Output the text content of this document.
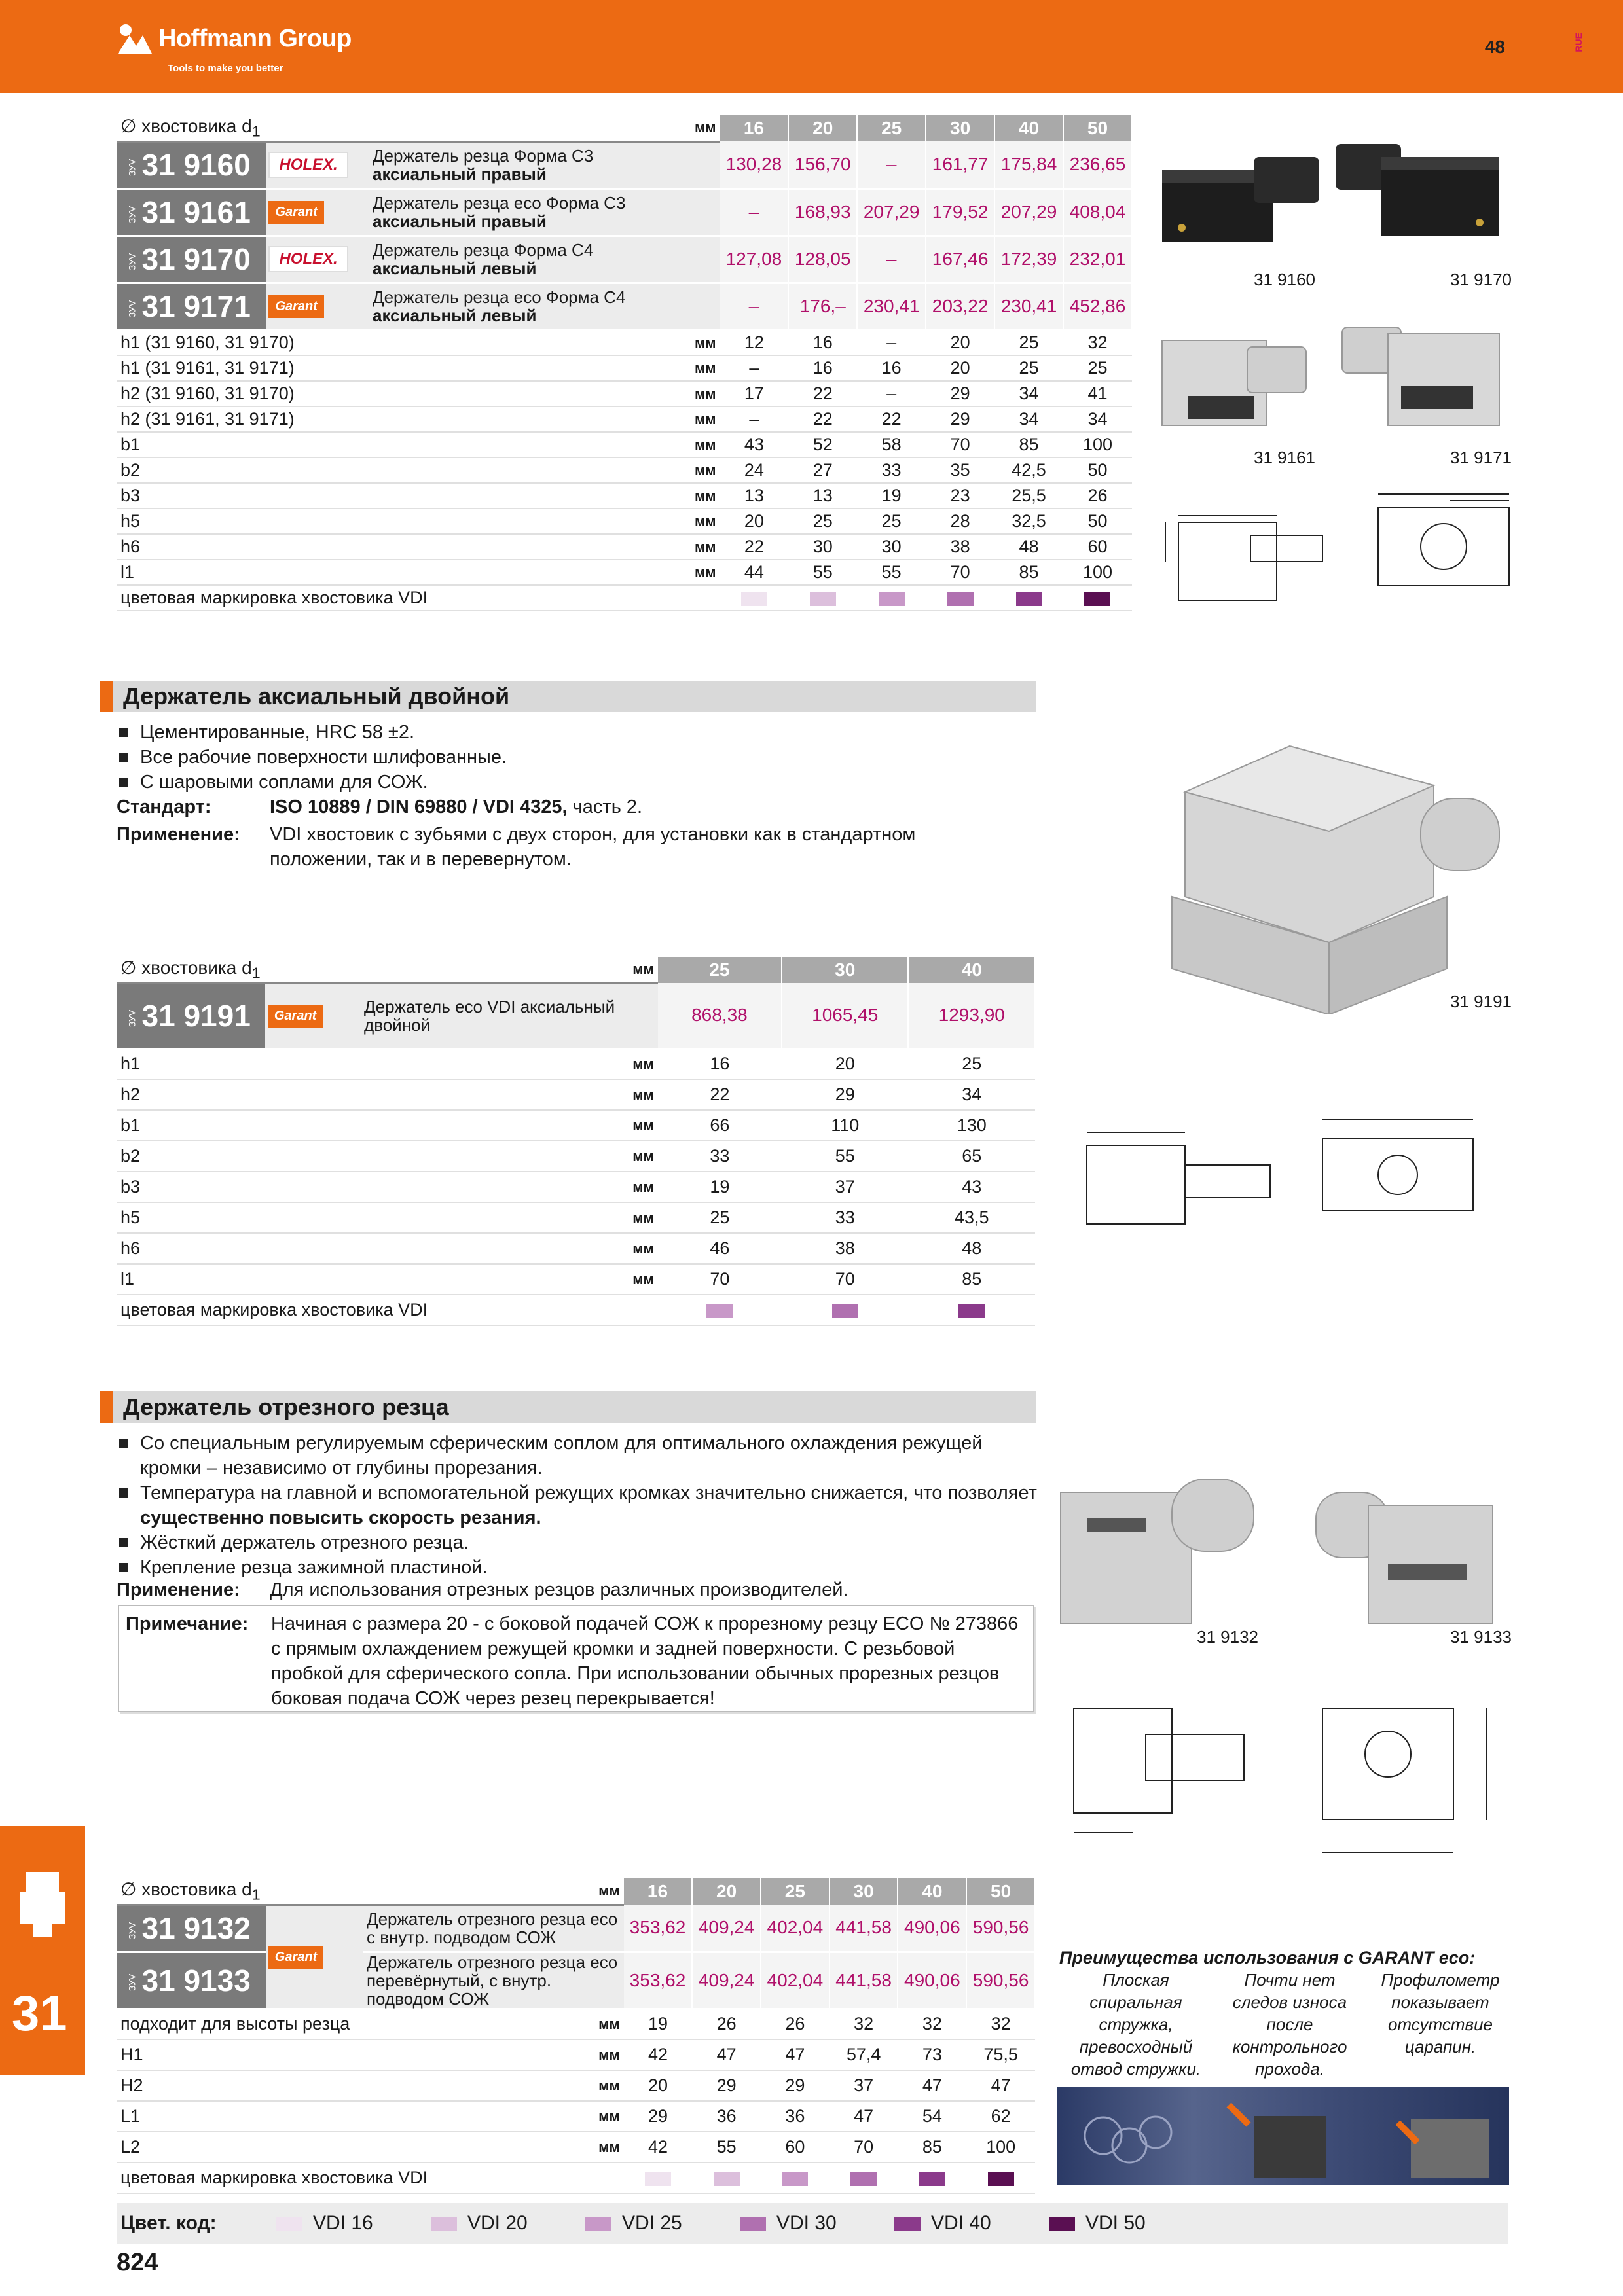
Hoffmann Group
Tools to make you better
48	RUE
∅ хвостовика $d_1$			мм	16	20	25	30	40	50
ЗУV 31 9160	HOLEX.	Держатель резца Форма С3
аксиальный правый		130,28	156,70	–	161,77	175,84	236,65
ЗУV 31 9161	Garant	Держатель резца eco Форма С3
аксиальный правый		–	168,93	207,29	179,52	207,29	408,04
ЗУV 31 9170	HOLEX.	Держатель резца Форма С4
аксиальный левый		127,08	128,05	–	167,46	172,39	232,01
ЗУV 31 9171	Garant	Держатель резца eco Форма С4
аксиальный левый		–	176,–	230,41	203,22	230,41	452,86
h1 (31 9160, 31 9170)			мм	12	16	–	20	25	32
h1 (31 9161, 31 9171)			мм	–	16	16	20	25	25
h2 (31 9160, 31 9170)			мм	17	22	–	29	34	41
h2 (31 9161, 31 9171)			мм	–	22	22	29	34	34
b1			мм	43	52	58	70	85	100
b2			мм	24	27	33	35	42,5	50
b3			мм	13	13	19	23	25,5	26
h5			мм	20	25	25	28	32,5	50
h6			мм	22	30	30	38	48	60
l1			мм	44	55	55	70	85	100
цветовая маркировка хвостовика VDI									
31 9160	31 9170
31 9161	31 9171
Держатель аксиальный двойной
Цементированные, HRC 58 ±2.
Все рабочие поверхности шлифованные.
С шаровыми соплами для СОЖ.
Стандарт:	ISO 10889 / DIN 69880 / VDI 4325, часть 2.
Применение: VDI хвостовик с зубьями с двух сторон, для установки как в стандартном положении, так и в перевернутом.
31 9191
∅ хвостовика $d_1$			мм	25	30	40
ЗУV 31 9191	Garant	Держатель eco VDI аксиальный двойной		868,38	1065,45	1293,90
h1			мм	16	20	25
h2			мм	22	29	34
b1			мм	66	110	130
b2			мм	33	55	65
b3			мм	19	37	43
h5			мм	25	33	43,5
h6			мм	46	38	48
l1			мм	70	70	85
цветовая маркировка хвостовика VDI						
Держатель отрезного резца
Со специальным регулируемым сферическим соплом для оптимального охлаждения режущей кромки – независимо от глубины прорезания.
Температура на главной и вспомогательной режущих кромках значительно снижается, что позволяет существенно повысить скорость резания.
Жёсткий держатель отрезного резца.
Крепление резца зажимной пластиной.
Применение: Для использования отрезных резцов различных производителей.
Примечание: Начиная с размера 20 - с боковой подачей СОЖ к прорезному резцу ECO № 273866 с прямым охлаждением режущей кромки и задней поверхности. С резьбовой пробкой для сферического сопла. При использовании обычных прорезных резцов боковая подача СОЖ через резец перекрывается!
31 9132	31 9133
∅ хвостовика $d_1$			мм	16	20	25	30	40	50
ЗУV 31 9132	Garant	Держатель отрезного резца eco с внутр. подводом СОЖ		353,62	409,24	402,04	441,58	490,06	590,56
ЗУV 31 9133		Держатель отрезного резца eco перевёрнутый, с внутр. подводом СОЖ		353,62	409,24	402,04	441,58	490,06	590,56
подходит для высоты резца			мм	19	26	26	32	32	32
H1			мм	42	47	47	57,4	73	75,5
H2			мм	20	29	29	37	47	47
L1			мм	29	36	36	47	54	62
L2			мм	42	55	60	70	85	100
цветовая маркировка хвостовика VDI									
Преимущества использования с GARANT eco:
Плоская спиральная стружка, превосходный отвод стружки.
Почти нет следов износа после контрольного прохода.
Профилометр показывает отсутствие царапин.
31
Цвет. код:	VDI 16	VDI 20	VDI 25	VDI 30	VDI 40	VDI 50
824
